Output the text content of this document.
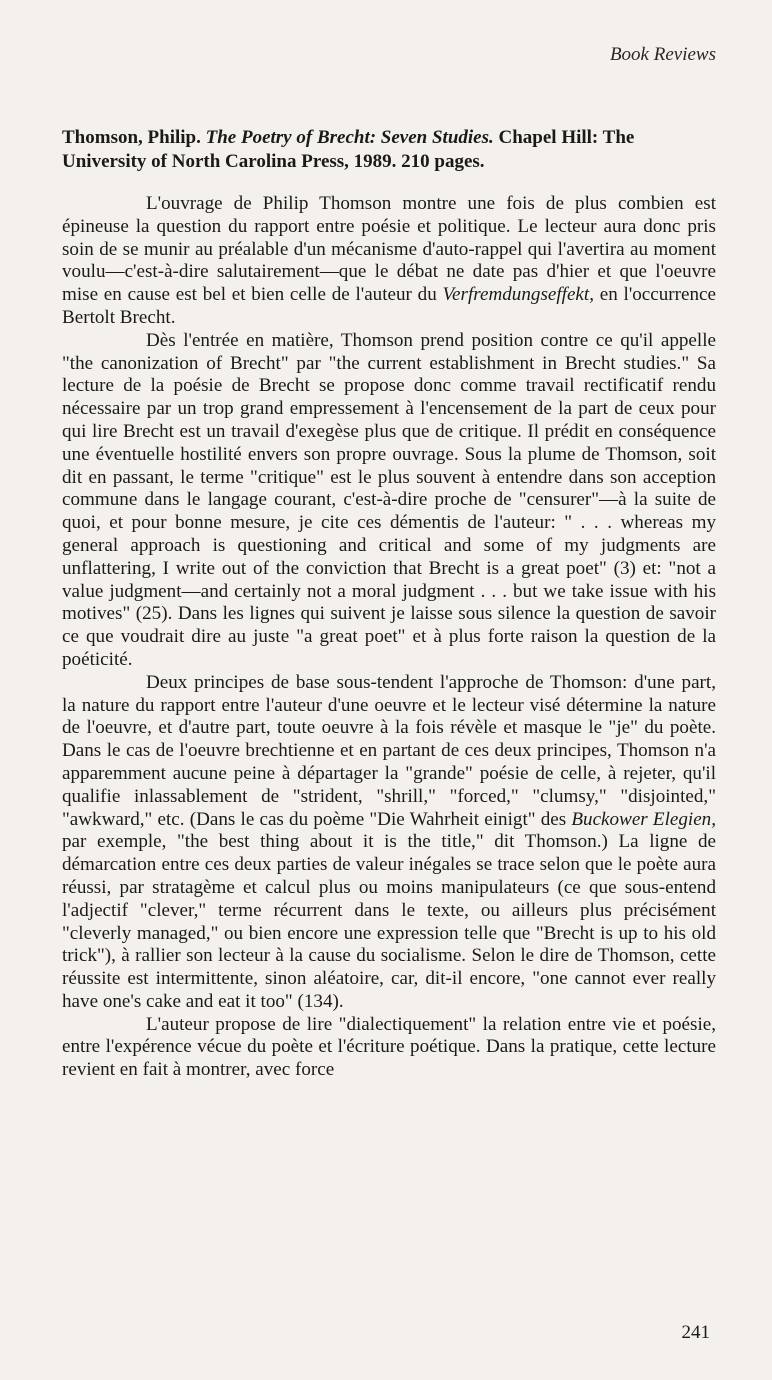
Book Reviews
Thomson, Philip. The Poetry of Brecht: Seven Studies. Chapel Hill: The University of North Carolina Press, 1989. 210 pages.

L'ouvrage de Philip Thomson montre une fois de plus combien est épineuse la question du rapport entre poésie et politique. Le lecteur aura donc pris soin de se munir au préalable d'un mécanisme d'auto-rappel qui l'avertira au moment voulu—c'est-à-dire salutairement—que le débat ne date pas d'hier et que l'oeuvre mise en cause est bel et bien celle de l'auteur du Verfremdungseffekt, en l'occurrence Bertolt Brecht.

Dès l'entrée en matière, Thomson prend position contre ce qu'il appelle "the canonization of Brecht" par "the current establishment in Brecht studies." Sa lecture de la poésie de Brecht se propose donc comme travail rectificatif rendu nécessaire par un trop grand empressement à l'encensement de la part de ceux pour qui lire Brecht est un travail d'exegèse plus que de critique. Il prédit en conséquence une éventuelle hostilité envers son propre ouvrage. Sous la plume de Thomson, soit dit en passant, le terme "critique" est le plus souvent à entendre dans son acception commune dans le langage courant, c'est-à-dire proche de "censurer"—à la suite de quoi, et pour bonne mesure, je cite ces démentis de l'auteur: " . . . whereas my general approach is questioning and critical and some of my judgments are unflattering, I write out of the conviction that Brecht is a great poet" (3) et: "not a value judgment—and certainly not a moral judgment . . . but we take issue with his motives" (25). Dans les lignes qui suivent je laisse sous silence la question de savoir ce que voudrait dire au juste "a great poet" et à plus forte raison la question de la poéticité.

Deux principes de base sous-tendent l'approche de Thomson: d'une part, la nature du rapport entre l'auteur d'une oeuvre et le lecteur visé détermine la nature de l'oeuvre, et d'autre part, toute oeuvre à la fois révèle et masque le "je" du poète. Dans le cas de l'oeuvre brechtienne et en partant de ces deux principes, Thomson n'a apparemment aucune peine à départager la "grande" poésie de celle, à rejeter, qu'il qualifie inlassablement de "strident, "shrill," "forced," "clumsy," "disjointed," "awkward," etc. (Dans le cas du poème "Die Wahrheit einigt" des Buckower Elegien, par exemple, "the best thing about it is the title," dit Thomson.) La ligne de démarcation entre ces deux parties de valeur inégales se trace selon que le poète aura réussi, par stratagème et calcul plus ou moins manipulateurs (ce que sous-entend l'adjectif "clever," terme récurrent dans le texte, ou ailleurs plus précisément "cleverly managed," ou bien encore une expression telle que "Brecht is up to his old trick"), à rallier son lecteur à la cause du socialisme. Selon le dire de Thomson, cette réussite est intermittente, sinon aléatoire, car, dit-il encore, "one cannot ever really have one's cake and eat it too" (134).

L'auteur propose de lire "dialectiquement" la relation entre vie et poésie, entre l'expérence vécue du poète et l'écriture poétique. Dans la pratique, cette lecture revient en fait à montrer, avec force

241
